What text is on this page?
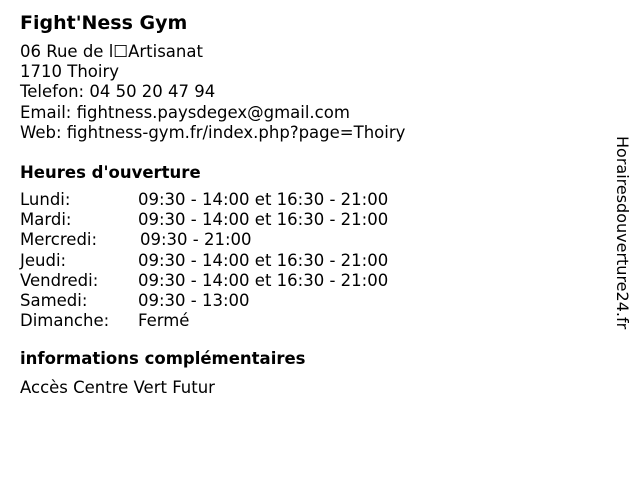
Fight'Ness Gym
06 Rue de l☐Artisanat
1710 Thoiry
Telefon: 04 50 20 47 94
Email: fightness.paysdegex@gmail.com
Web: fightness-gym.fr/index.php?page=Thoiry
Heures d'ouverture
Lundi:	09:30 - 14:00 et 16:30 - 21:00
Mardi:	09:30 - 14:00 et 16:30 - 21:00
Mercredi:	09:30 - 21:00
Jeudi:	09:30 - 14:00 et 16:30 - 21:00
Vendredi:	09:30 - 14:00 et 16:30 - 21:00
Samedi:	09:30 - 13:00
Dimanche:	Fermé
informations complémentaires
Accès Centre Vert Futur
Horairesdouverture24.fr
